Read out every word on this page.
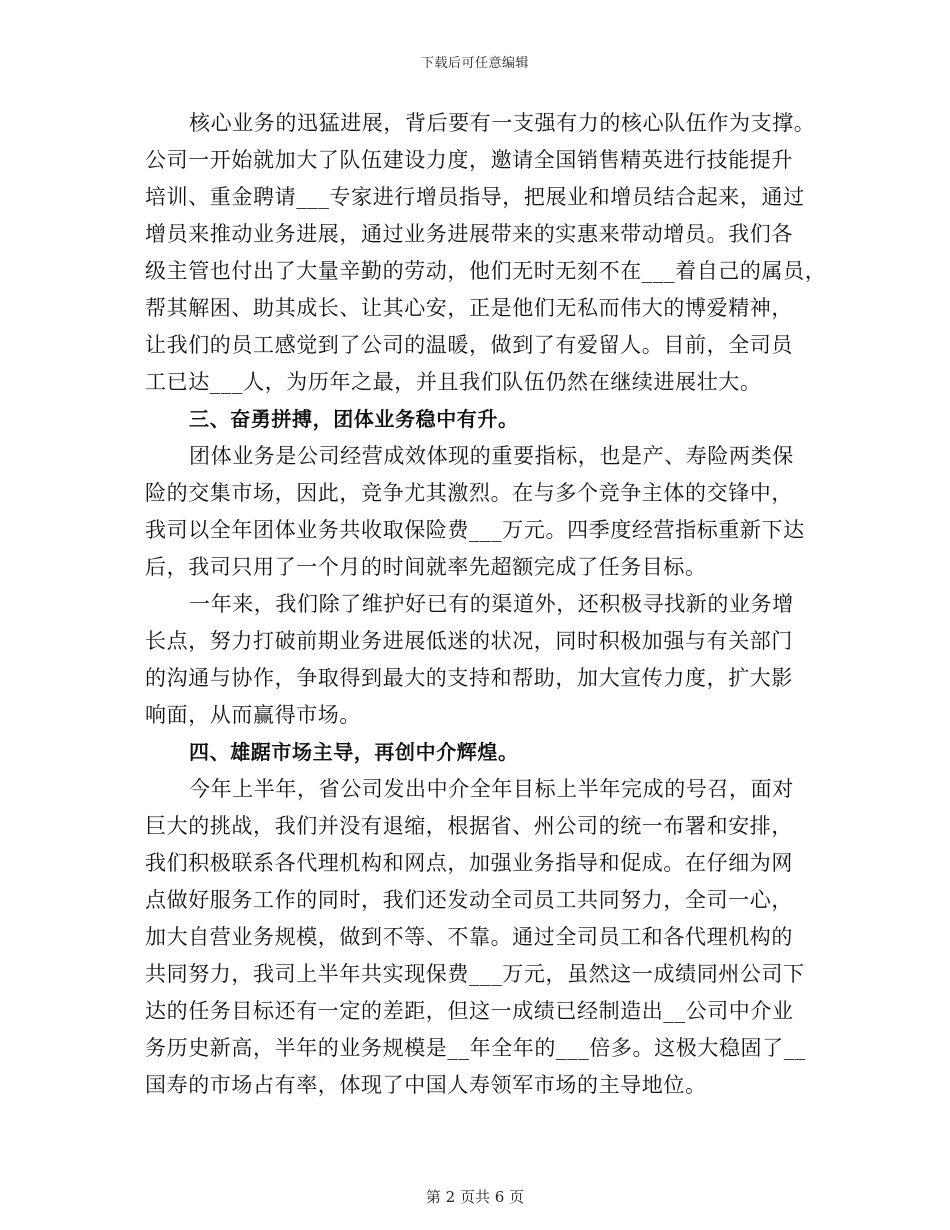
下载后可任意编辑
核心业务的迅猛进展，背后要有一支强有力的核心队伍作为支撑。
公司一开始就加大了队伍建设力度，邀请全国销售精英进行技能提升
培训、重金聘请___专家进行增员指导，把展业和增员结合起来，通过
增员来推动业务进展，通过业务进展带来的实惠来带动增员。我们各
级主管也付出了大量辛勤的劳动，他们无时无刻不在___着自己的属员，
帮其解困、助其成长、让其心安，正是他们无私而伟大的博爱精神，
让我们的员工感觉到了公司的温暖，做到了有爱留人。目前，全司员
工已达___人，为历年之最，并且我们队伍仍然在继续进展壮大。
三、奋勇拼搏，团体业务稳中有升。
团体业务是公司经营成效体现的重要指标，也是产、寿险两类保
险的交集市场，因此，竞争尤其激烈。在与多个竞争主体的交锋中，
我司以全年团体业务共收取保险费___万元。四季度经营指标重新下达
后，我司只用了一个月的时间就率先超额完成了任务目标。
一年来，我们除了维护好已有的渠道外，还积极寻找新的业务增
长点，努力打破前期业务进展低迷的状况，同时积极加强与有关部门
的沟通与协作，争取得到最大的支持和帮助，加大宣传力度，扩大影
响面，从而赢得市场。
四、雄踞市场主导，再创中介辉煌。
今年上半年，省公司发出中介全年目标上半年完成的号召，面对
巨大的挑战，我们并没有退缩，根据省、州公司的统一布署和安排，
我们积极联系各代理机构和网点，加强业务指导和促成。在仔细为网
点做好服务工作的同时，我们还发动全司员工共同努力，全司一心，
加大自营业务规模，做到不等、不靠。通过全司员工和各代理机构的
共同努力，我司上半年共实现保费___万元，虽然这一成绩同州公司下
达的任务目标还有一定的差距，但这一成绩已经制造出__公司中介业
务历史新高，半年的业务规模是__年全年的___倍多。这极大稳固了__
国寿的市场占有率，体现了中国人寿领军市场的主导地位。
第 2 页共 6 页
